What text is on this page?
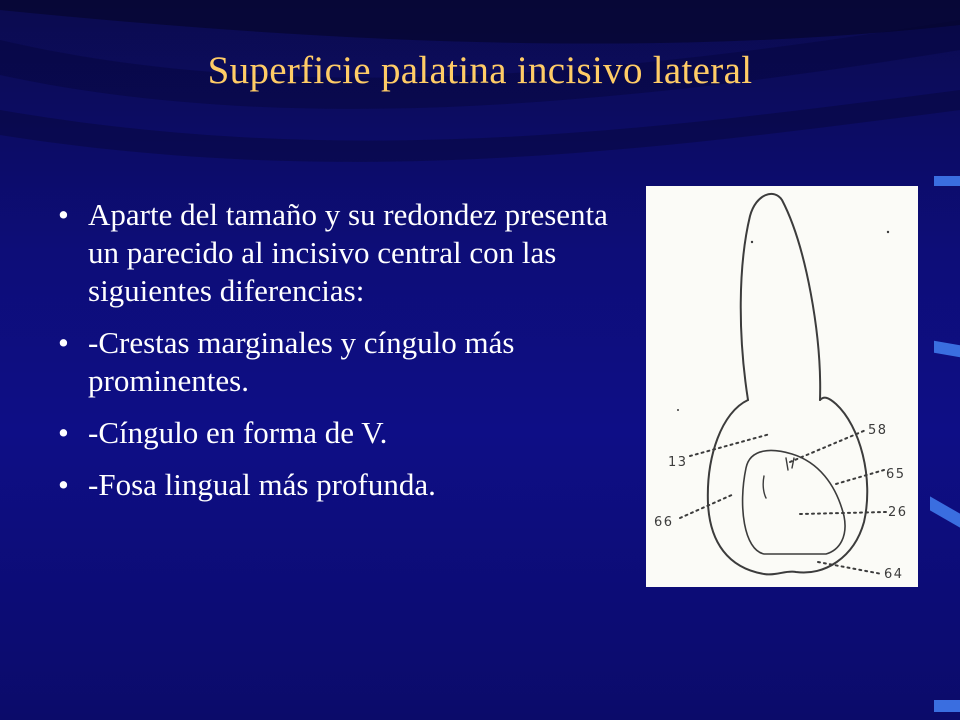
Superficie palatina incisivo lateral
• Aparte del tamaño y su redondez presenta un parecido al incisivo central con las siguientes diferencias:
• -Crestas marginales y cíngulo más prominentes.
• -Cíngulo en forma de V.
• -Fosa lingual más profunda.
13
58
65
66
26
64
